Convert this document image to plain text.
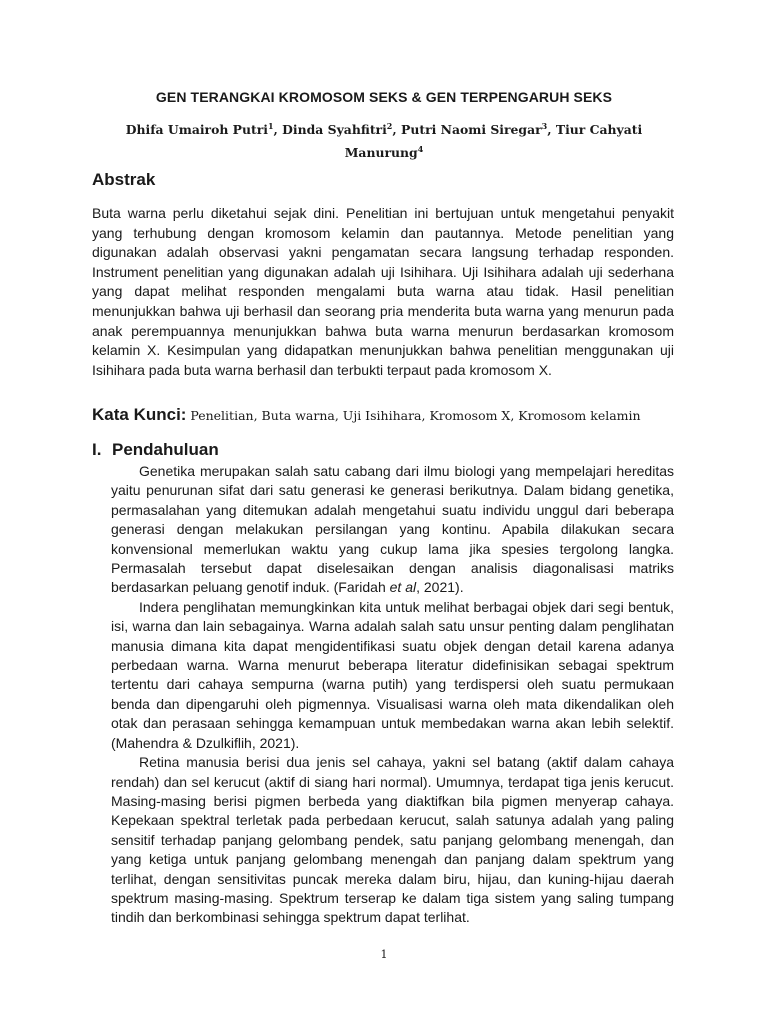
GEN TERANGKAI KROMOSOM SEKS & GEN TERPENGARUH SEKS
Dhifa Umairoh Putri$^1$, Dinda Syahfitri$^2$, Putri Naomi Siregar$^3$, Tiur Cahyati Manurung$^4$
Abstrak
Buta warna perlu diketahui sejak dini. Penelitian ini bertujuan untuk mengetahui penyakit yang terhubung dengan kromosom kelamin dan pautannya. Metode penelitian yang digunakan adalah observasi yakni pengamatan secara langsung terhadap responden. Instrument penelitian yang digunakan adalah uji Isihihara. Uji Isihihara adalah uji sederhana yang dapat melihat responden mengalami buta warna atau tidak. Hasil penelitian menunjukkan bahwa uji berhasil dan seorang pria menderita buta warna yang menurun pada anak perempuannya menunjukkan bahwa buta warna menurun berdasarkan kromosom kelamin X. Kesimpulan yang didapatkan menunjukkan bahwa penelitian menggunakan uji Isihihara pada buta warna berhasil dan terbukti terpaut pada kromosom X.
Kata Kunci: Penelitian, Buta warna, Uji Isihihara, Kromosom X, Kromosom kelamin
I. Pendahuluan

Genetika merupakan salah satu cabang dari ilmu biologi yang mempelajari hereditas yaitu penurunan sifat dari satu generasi ke generasi berikutnya. Dalam bidang genetika, permasalahan yang ditemukan adalah mengetahui suatu individu unggul dari beberapa generasi dengan melakukan persilangan yang kontinu. Apabila dilakukan secara konvensional memerlukan waktu yang cukup lama jika spesies tergolong langka. Permasalah tersebut dapat diselesaikan dengan analisis diagonalisasi matriks berdasarkan peluang genotif induk. (Faridah et al, 2021).

Indera penglihatan memungkinkan kita untuk melihat berbagai objek dari segi bentuk, isi, warna dan lain sebagainya. Warna adalah salah satu unsur penting dalam penglihatan manusia dimana kita dapat mengidentifikasi suatu objek dengan detail karena adanya perbedaan warna. Warna menurut beberapa literatur didefinisikan sebagai spektrum tertentu dari cahaya sempurna (warna putih) yang terdispersi oleh suatu permukaan benda dan dipengaruhi oleh pigmennya. Visualisasi warna oleh mata dikendalikan oleh otak dan perasaan sehingga kemampuan untuk membedakan warna akan lebih selektif. (Mahendra & Dzulkiflih, 2021).

Retina manusia berisi dua jenis sel cahaya, yakni sel batang (aktif dalam cahaya rendah) dan sel kerucut (aktif di siang hari normal). Umumnya, terdapat tiga jenis kerucut. Masing-masing berisi pigmen berbeda yang diaktifkan bila pigmen menyerap cahaya. Kepekaan spektral terletak pada perbedaan kerucut, salah satunya adalah yang paling sensitif terhadap panjang gelombang pendek, satu panjang gelombang menengah, dan yang ketiga untuk panjang gelombang menengah dan panjang dalam spektrum yang terlihat, dengan sensitivitas puncak mereka dalam biru, hijau, dan kuning-hijau daerah spektrum masing-masing. Spektrum terserap ke dalam tiga sistem yang saling tumpang tindih dan berkombinasi sehingga spektrum dapat terlihat.

1
